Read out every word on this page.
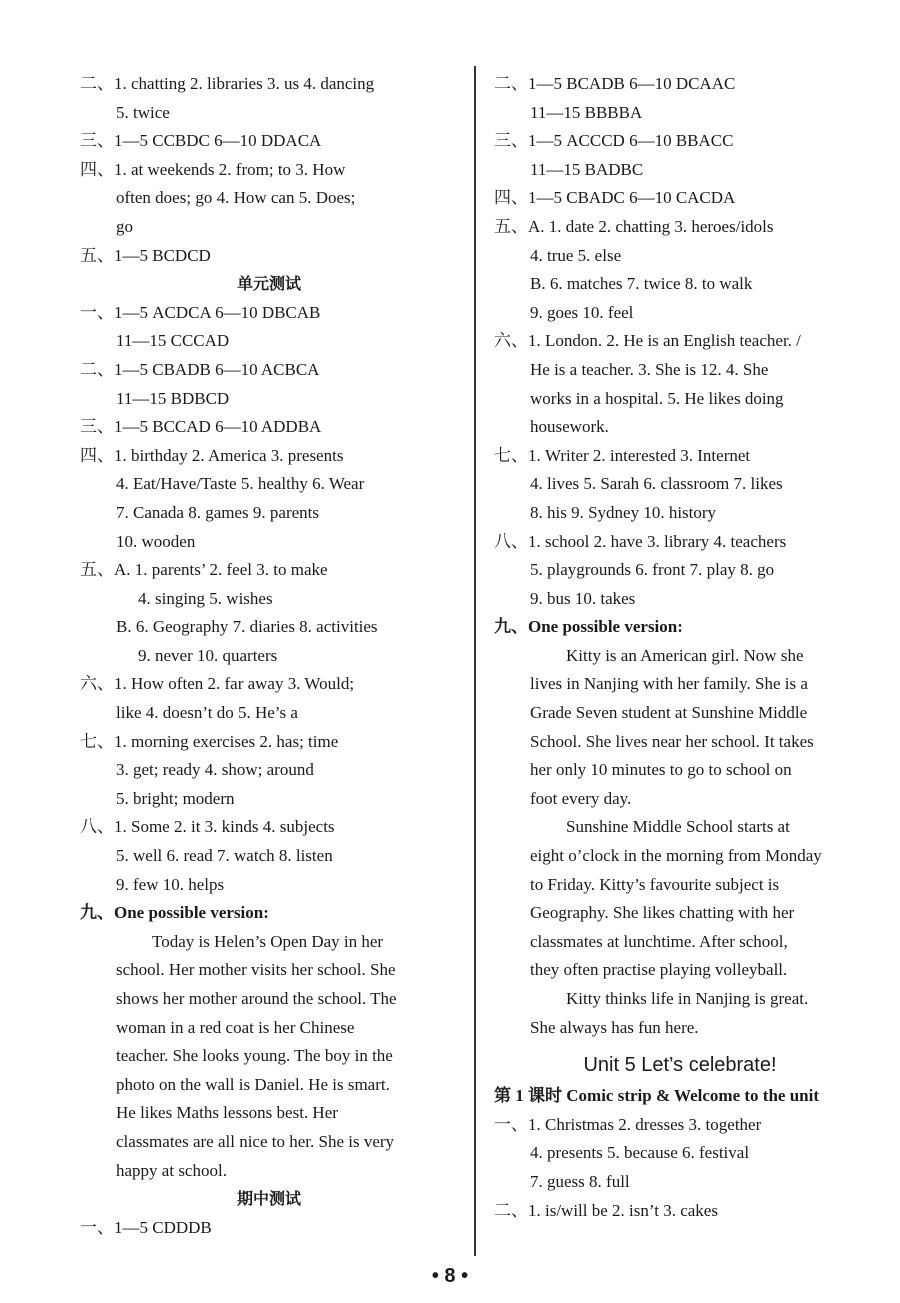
二、1. chatting 2. libraries 3. us 4. dancing
5. twice
三、1—5 CCBDC 6—10 DDACA
四、1. at weekends 2. from; to 3. How
often does; go 4. How can 5. Does;
go
五、1—5 BCDCD
单元测试
一、1—5 ACDCA 6—10 DBCAB
11—15 CCCAD
二、1—5 CBADB 6—10 ACBCA
11—15 BDBCD
三、1—5 BCCAD 6—10 ADDBA
四、1. birthday 2. America 3. presents
4. Eat/Have/Taste 5. healthy 6. Wear
7. Canada 8. games 9. parents
10. wooden
五、A. 1. parents’ 2. feel 3. to make
4. singing 5. wishes
B. 6. Geography 7. diaries 8. activities
9. never 10. quarters
六、1. How often 2. far away 3. Would;
like 4. doesn’t do 5. He’s a
七、1. morning exercises 2. has; time
3. get; ready 4. show; around
5. bright; modern
八、1. Some 2. it 3. kinds 4. subjects
5. well 6. read 7. watch 8. listen
9. few 10. helps
九、One possible version:
Today is Helen’s Open Day in her
school. Her mother visits her school. She
shows her mother around the school. The
woman in a red coat is her Chinese
teacher. She looks young. The boy in the
photo on the wall is Daniel. He is smart.
He likes Maths lessons best. Her
classmates are all nice to her. She is very
happy at school.
期中测试
一、1—5 CDDDB
二、1—5 BCADB 6—10 DCAAC
11—15 BBBBA
三、1—5 ACCCD 6—10 BBACC
11—15 BADBC
四、1—5 CBADC 6—10 CACDA
五、A. 1. date 2. chatting 3. heroes/idols
4. true 5. else
B. 6. matches 7. twice 8. to walk
9. goes 10. feel
六、1. London. 2. He is an English teacher. /
He is a teacher. 3. She is 12. 4. She
works in a hospital. 5. He likes doing
housework.
七、1. Writer 2. interested 3. Internet
4. lives 5. Sarah 6. classroom 7. likes
8. his 9. Sydney 10. history
八、1. school 2. have 3. library 4. teachers
5. playgrounds 6. front 7. play 8. go
9. bus 10. takes
九、One possible version:
Kitty is an American girl. Now she
lives in Nanjing with her family. She is a
Grade Seven student at Sunshine Middle
School. She lives near her school. It takes
her only 10 minutes to go to school on
foot every day.
Sunshine Middle School starts at
eight o’clock in the morning from Monday
to Friday. Kitty’s favourite subject is
Geography. She likes chatting with her
classmates at lunchtime. After school,
they often practise playing volleyball.
Kitty thinks life in Nanjing is great.
She always has fun here.
Unit 5 Let’s celebrate!
第 1 课时 Comic strip & Welcome to the unit
一、1. Christmas 2. dresses 3. together
4. presents 5. because 6. festival
7. guess 8. full
二、1. is/will be 2. isn’t 3. cakes
• 8 •
